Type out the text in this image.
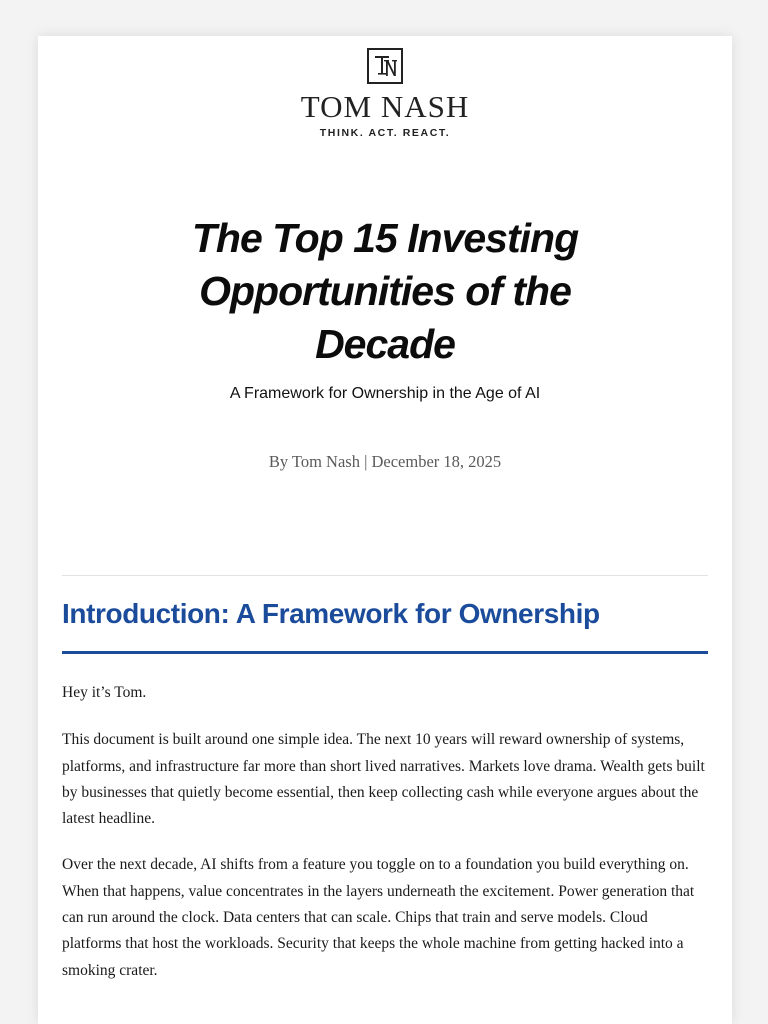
TOM NASH
THINK. ACT. REACT.
The Top 15 Investing Opportunities of the Decade
A Framework for Ownership in the Age of AI
By Tom Nash | December 18, 2025
Introduction: A Framework for Ownership

Hey it’s Tom.

This document is built around one simple idea. The next 10 years will reward ownership of systems, platforms, and infrastructure far more than short lived narratives. Markets love drama. Wealth gets built by businesses that quietly become essential, then keep collecting cash while everyone argues about the latest headline.

Over the next decade, AI shifts from a feature you toggle on to a foundation you build everything on. When that happens, value concentrates in the layers underneath the excitement. Power generation that can run around the clock. Data centers that can scale. Chips that train and serve models. Cloud platforms that host the workloads. Security that keeps the whole machine from getting hacked into a smoking crater.
